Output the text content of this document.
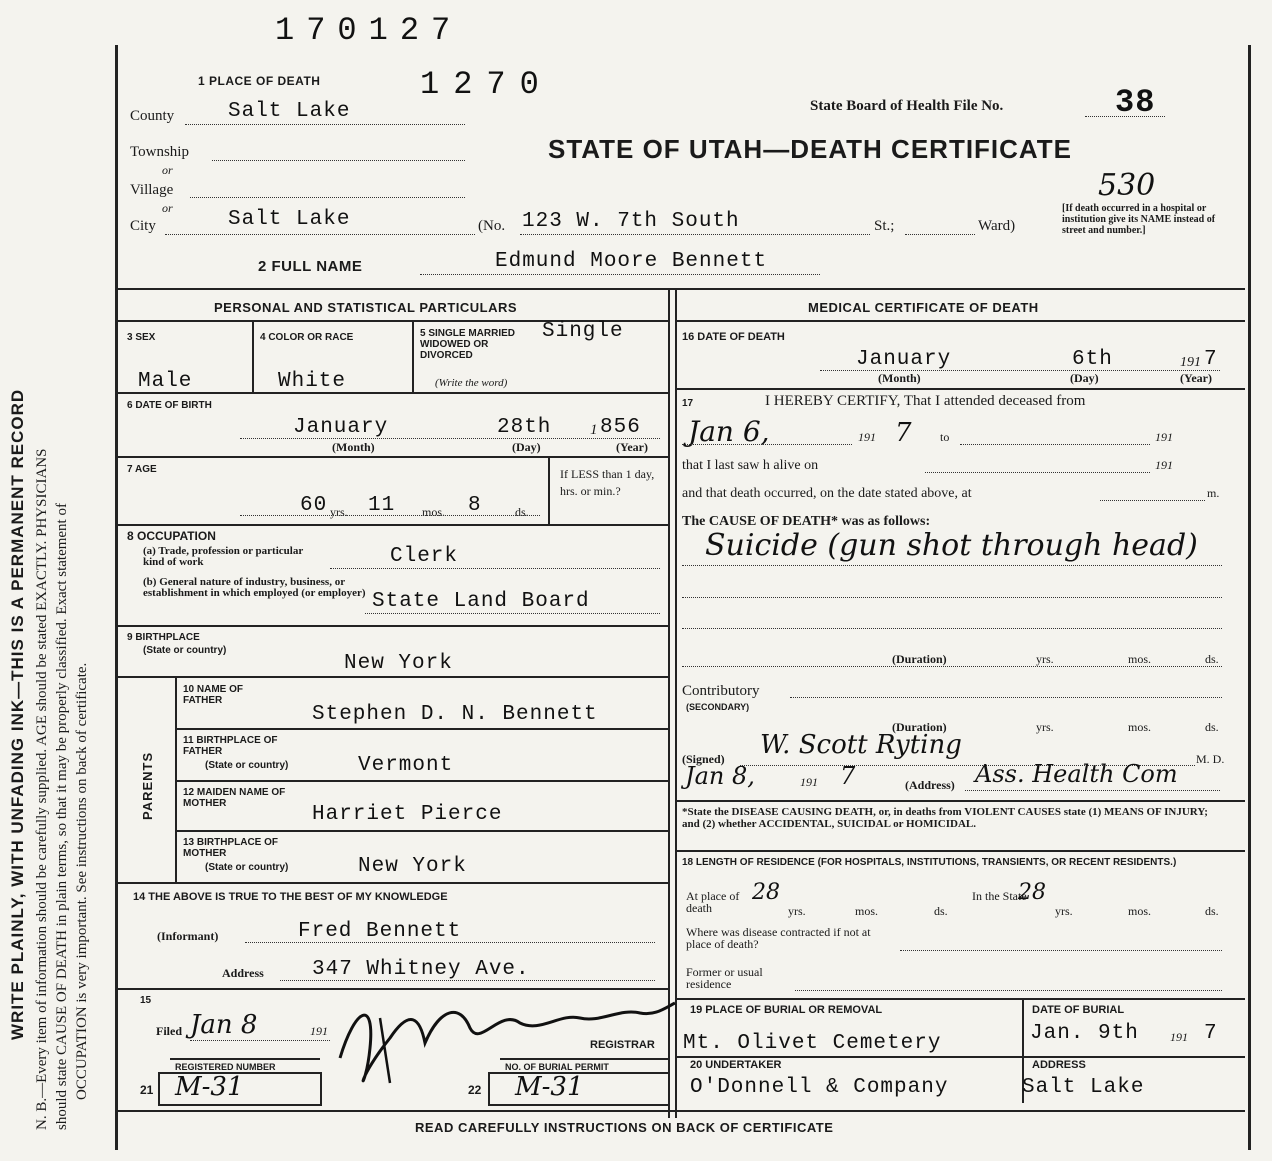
170127
1270
WRITE PLAINLY, WITH UNFADING INK—THIS IS A PERMANENT RECORD N. B.—Every item of information should be carefully supplied. AGE should be stated EXACTLY. PHYSICIANS should state CAUSE OF DEATH in plain terms, so that it may be properly classified. Exact statement of OCCUPATION is very important. See instructions on back of certificate.
1 PLACE OF DEATH
County	Salt Lake
Township
or
Village
or
City	Salt Lake	(No. 123 W. 7th South	St.;	Ward)
State Board of Health File No.	38
STATE OF UTAH—DEATH CERTIFICATE
530
[If death occurred in a hospital or institution give its NAME instead of street and number.]
2 FULL NAME	Edmund Moore Bennett
PERSONAL AND STATISTICAL PARTICULARS
3 SEX
Male
4 COLOR OR RACE
White
5 SINGLE MARRIED WIDOWED OR DIVORCED
(Write the word)
Single
6 DATE OF BIRTH
January	28th	1 856
(Month)	(Day)	(Year)
7 AGE
60 yrs. 11 mos. 8	ds.
If LESS than 1 day, hrs. or min.?
8 OCCUPATION
(a) Trade, profession or particular kind of work	Clerk
(b) General nature of industry, business, or establishment in which employed (or employer) State Land Board
9 BIRTHPLACE
(State or country)
New York
PARENTS
10 NAME OF FATHER
Stephen D. N. Bennett
11 BIRTHPLACE OF FATHER
(State or country)	Vermont
12 MAIDEN NAME OF MOTHER	Harriet Pierce
13 BIRTHPLACE OF MOTHER
(State or country)	New York
14 THE ABOVE IS TRUE TO THE BEST OF MY KNOWLEDGE
(Informant)	Fred Bennett
Address 347 Whitney Ave.
15
Filed Jan 8	191
REGISTRAR
REGISTERED NUMBER
21 M-31
NO. OF BURIAL PERMIT
22 M-31
MEDICAL CERTIFICATE OF DEATH
16 DATE OF DEATH
January	6th	191 7
(Month)	(Day)	(Year)
17	I HEREBY CERTIFY, That I attended deceased from
Jan 6,	191 7 to	191
that I last saw h alive on	191
and that death occurred, on the date stated above, at	m.
The CAUSE OF DEATH* was as follows:
Suicide (gun shot through head)
(Duration)	yrs.	mos.	ds.
Contributory
(SECONDARY)
(Duration)	yrs.	mos.	ds.
(Signed) W. Scott Ryting	M. D.
Jan 8,	191 7	(Address) Ass. Health Com
*State the DISEASE CAUSING DEATH, or, in deaths from VIOLENT CAUSES state (1) MEANS OF INJURY; and (2) whether ACCIDENTAL, SUICIDAL or HOMICIDAL.
18 LENGTH OF RESIDENCE (FOR HOSPITALS, INSTITUTIONS, TRANSIENTS, OR RECENT RESIDENTS.)
At place of death
28
yrs.	mos.	ds.
In the State
28
yrs.	mos.	ds.
Where was disease contracted if not at place of death?
Former or usual residence
19 PLACE OF BURIAL OR REMOVAL
Mt. Olivet Cemetery
DATE OF BURIAL
Jan. 9th	191 7
20 UNDERTAKER
O'Donnell & Company
ADDRESS
Salt Lake
READ CAREFULLY INSTRUCTIONS ON BACK OF CERTIFICATE
